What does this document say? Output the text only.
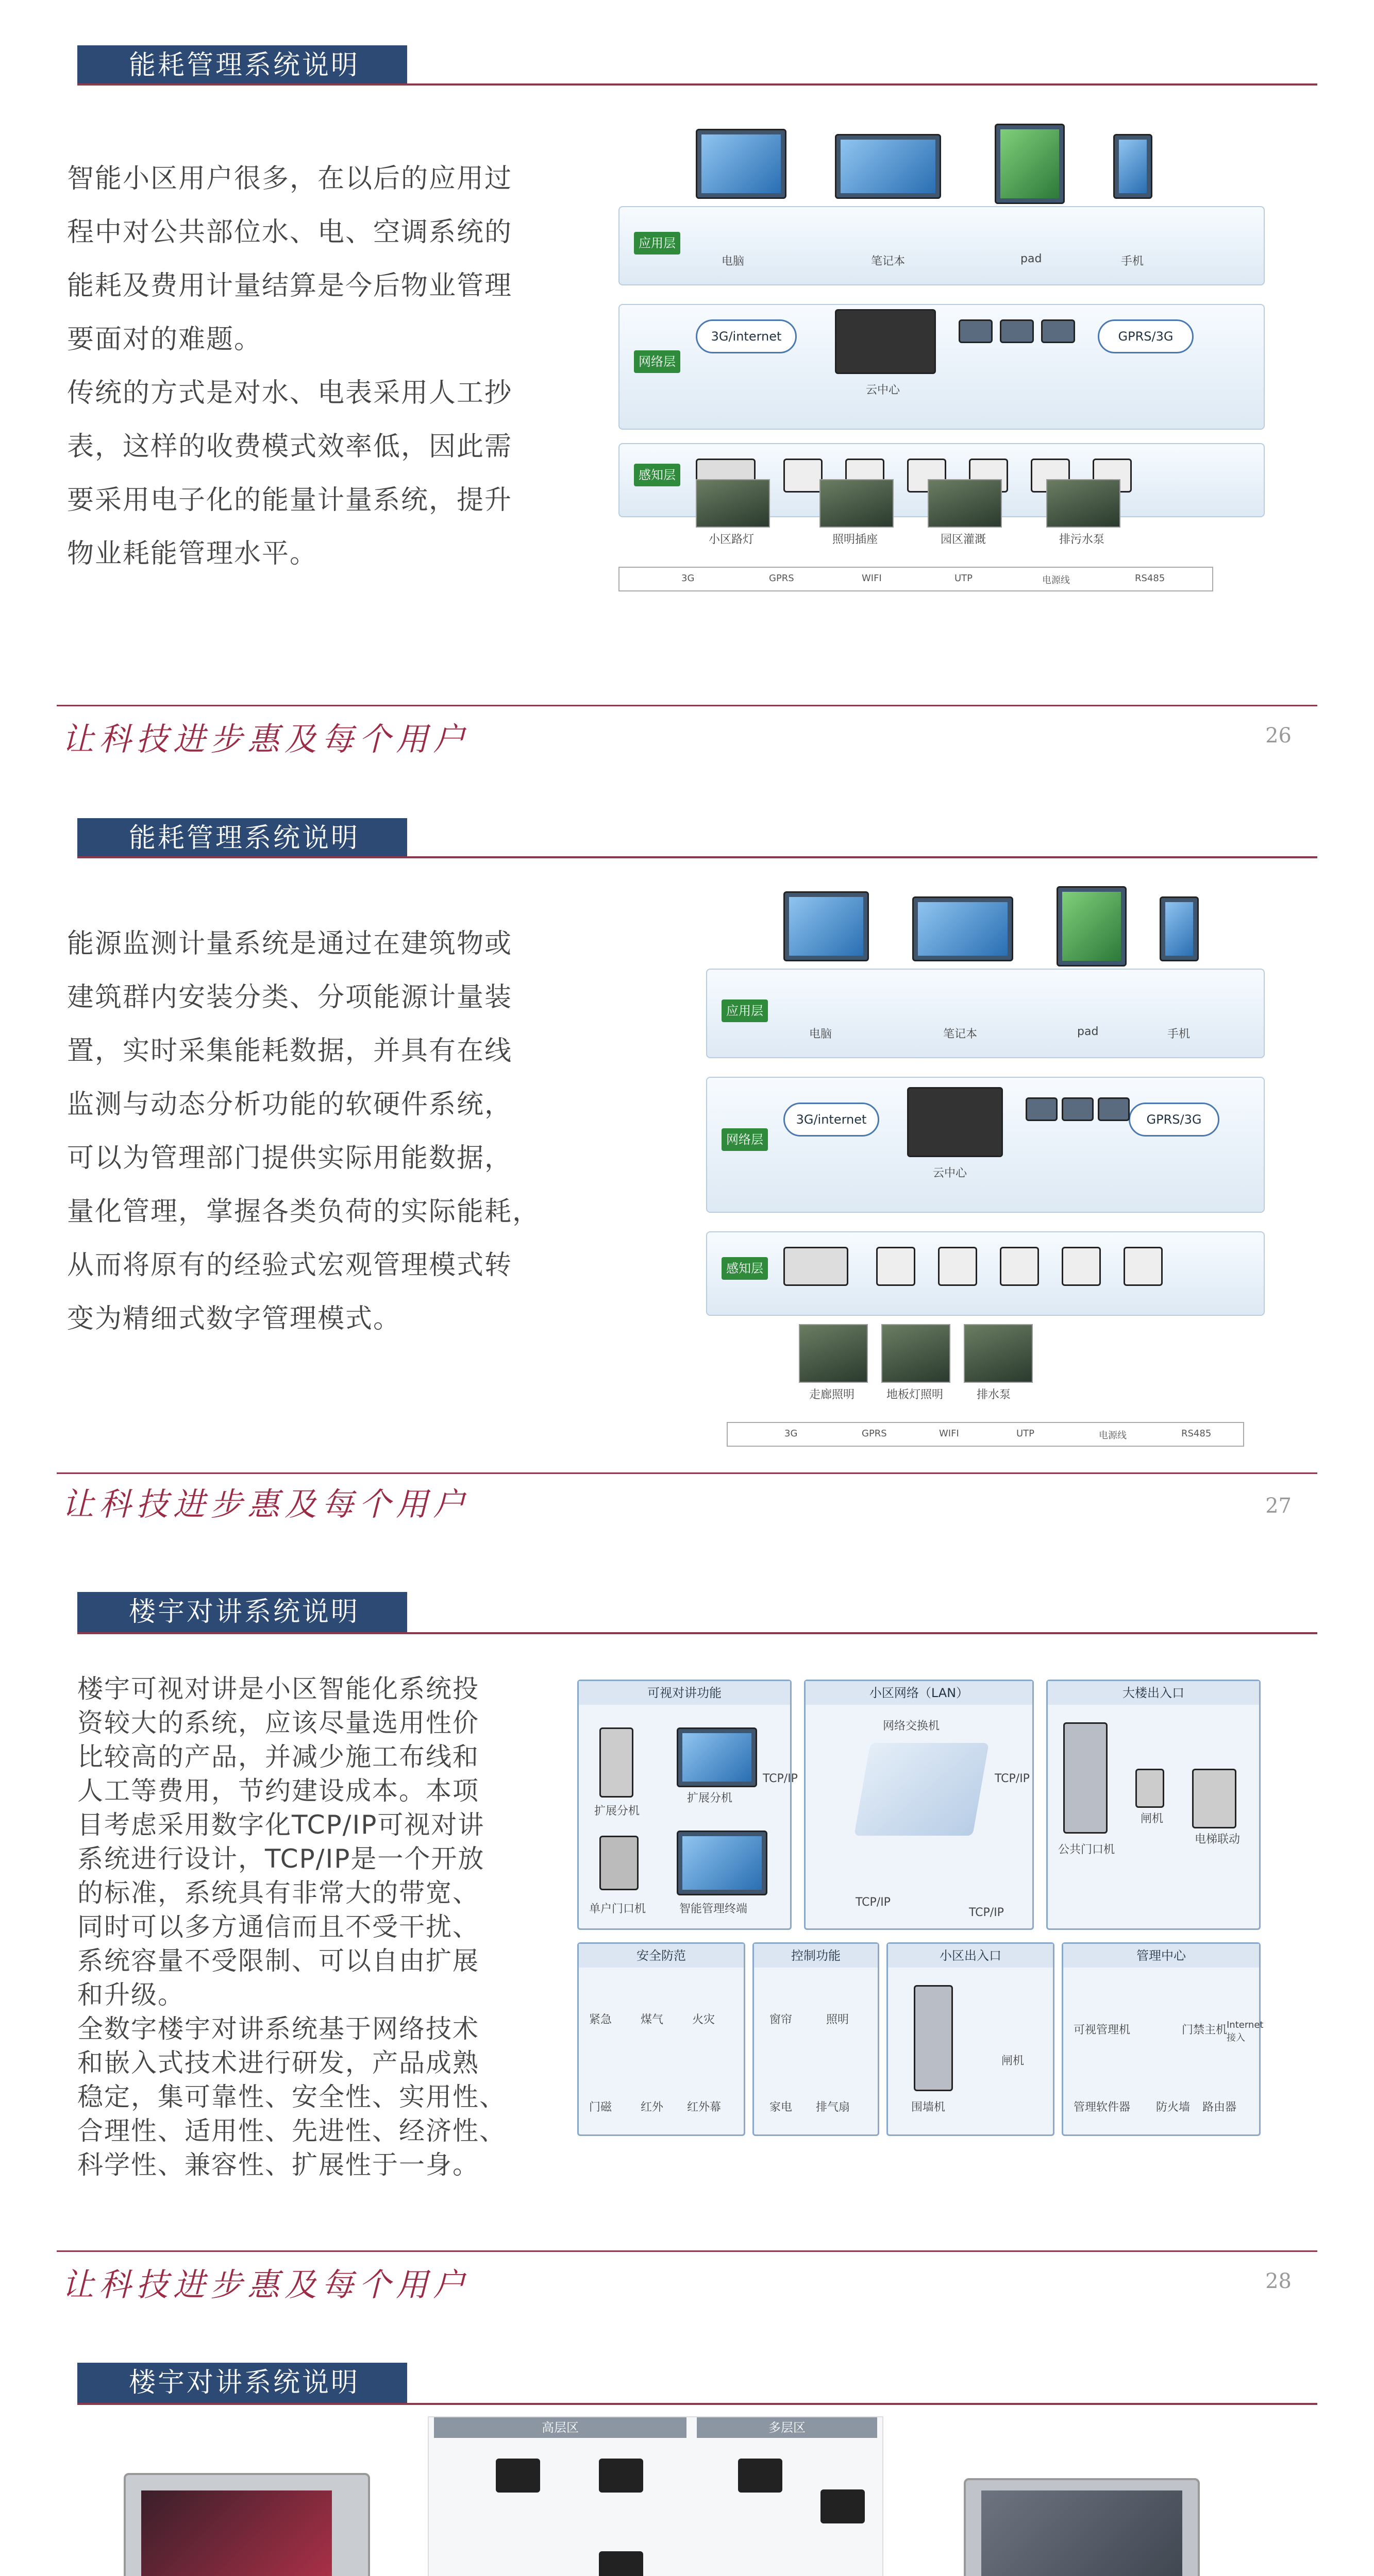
能耗管理系统说明
智能小区用户很多，在以后的应用过
程中对公共部位水、电、空调系统的
能耗及费用计量结算是今后物业管理
要面对的难题。
传统的方式是对水、电表采用人工抄
表，这样的收费模式效率低，因此需
要采用电子化的能量计量系统，提升
物业耗能管理水平。
应用层
网络层
感知层
电脑	笔记本	pad	手机
3G/internet	GPRS/3G
云中心
小区路灯	照明插座	园区灌溉	排污水泵
3G	GPRS	WIFI	UTP	电源线	RS485
让科技进步惠及每个用户	26
能耗管理系统说明
能源监测计量系统是通过在建筑物或
建筑群内安装分类、分项能源计量装
置，实时采集能耗数据，并具有在线
监测与动态分析功能的软硬件系统，
可以为管理部门提供实际用能数据，
量化管理，掌握各类负荷的实际能耗，
从而将原有的经验式宏观管理模式转
变为精细式数字管理模式。
应用层
网络层
感知层
电脑	笔记本	pad	手机
3G/internet	GPRS/3G
云中心
走廊照明	地板灯照明	排水泵
3G	GPRS	WIFI	UTP	电源线	RS485
让科技进步惠及每个用户	27
楼宇对讲系统说明
楼宇可视对讲是小区智能化系统投
资较大的系统，应该尽量选用性价
比较高的产品，并减少施工布线和
人工等费用，节约建设成本。本项
目考虑采用数字化TCP/IP可视对讲
系统进行设计，TCP/IP是一个开放
的标准，系统具有非常大的带宽、
同时可以多方通信而且不受干扰、
系统容量不受限制、可以自由扩展
和升级。
全数字楼宇对讲系统基于网络技术
和嵌入式技术进行研发，产品成熟
稳定，集可靠性、安全性、实用性、
合理性、适用性、先进性、经济性、
科学性、兼容性、扩展性于一身。
可视对讲功能
扩展分机
扩展分机
智能管理终端
单户门口机
小区网络（LAN）
网络交换机
TCP/IP	TCP/IP
TCP/IP
TCP/IP
大楼出入口
公共门口机
闸机
电梯联动
安全防范
紧急	煤气	火灾
门磁	红外 红外幕
控制功能
窗帘	照明
家电 排气扇
小区出入口
围墙机
闸机
管理中心
可视管理机	门禁主机
管理软件器 防火墙 路由器
Internet接入
让科技进步惠及每个用户	28
楼宇对讲系统说明
高层区	多层区
